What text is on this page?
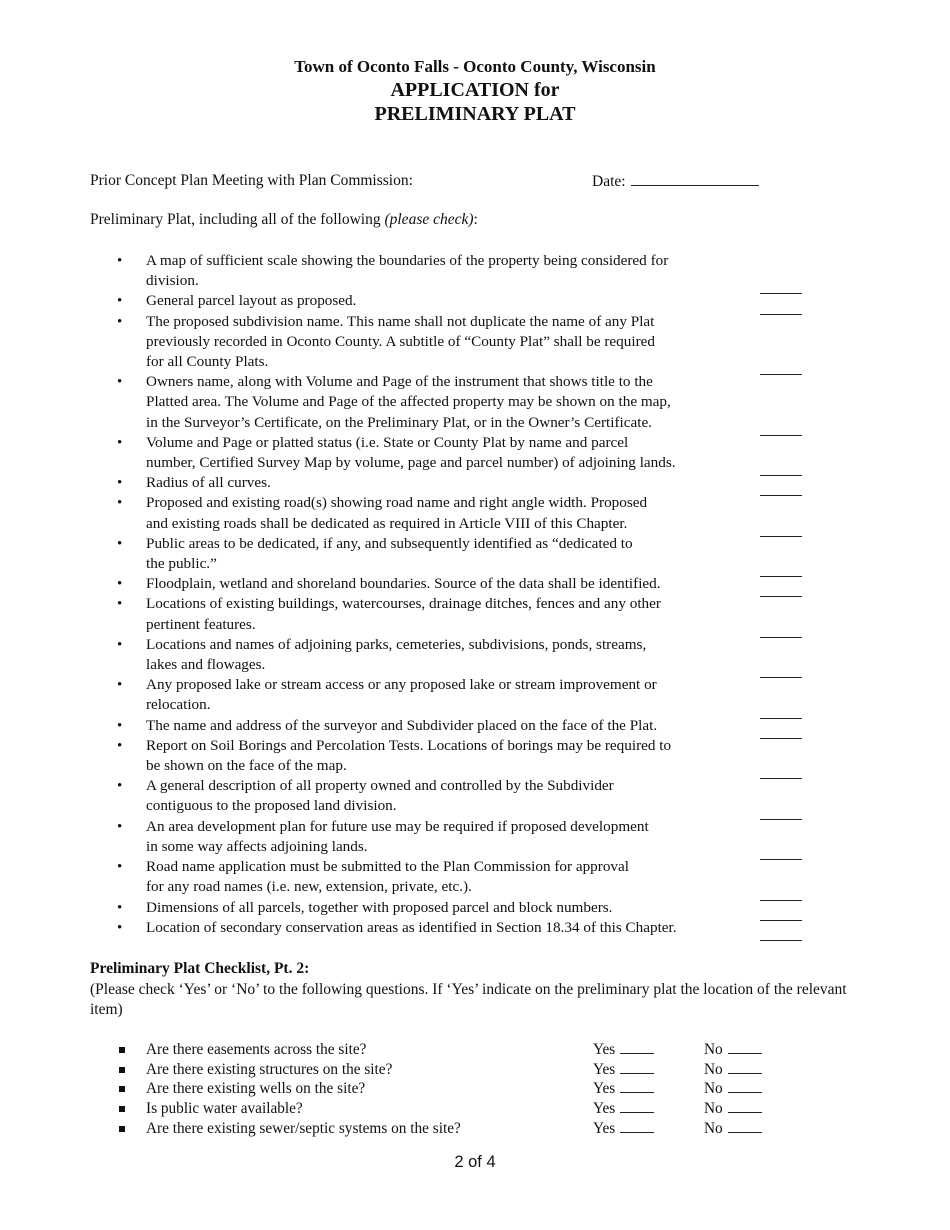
Town of Oconto Falls - Oconto County, Wisconsin
APPLICATION for
PRELIMINARY PLAT
Prior Concept Plan Meeting with Plan Commission:	Date:
Preliminary Plat, including all of the following (please check):
• A map of sufficient scale showing the boundaries of the property being considered for
division.
• General parcel layout as proposed.
• The proposed subdivision name. This name shall not duplicate the name of any Plat
previously recorded in Oconto County. A subtitle of “County Plat” shall be required
for all County Plats.
• Owners name, along with Volume and Page of the instrument that shows title to the
Platted area. The Volume and Page of the affected property may be shown on the map,
in the Surveyor’s Certificate, on the Preliminary Plat, or in the Owner’s Certificate.
• Volume and Page or platted status (i.e. State or County Plat by name and parcel
number, Certified Survey Map by volume, page and parcel number) of adjoining lands.
• Radius of all curves.
• Proposed and existing road(s) showing road name and right angle width. Proposed
and existing roads shall be dedicated as required in Article VIII of this Chapter.
• Public areas to be dedicated, if any, and subsequently identified as “dedicated to
the public.”
• Floodplain, wetland and shoreland boundaries. Source of the data shall be identified.
• Locations of existing buildings, watercourses, drainage ditches, fences and any other
pertinent features.
• Locations and names of adjoining parks, cemeteries, subdivisions, ponds, streams,
lakes and flowages.
• Any proposed lake or stream access or any proposed lake or stream improvement or
relocation.
• The name and address of the surveyor and Subdivider placed on the face of the Plat.
• Report on Soil Borings and Percolation Tests. Locations of borings may be required to
be shown on the face of the map.
• A general description of all property owned and controlled by the Subdivider
contiguous to the proposed land division.
• An area development plan for future use may be required if proposed development
in some way affects adjoining lands.
• Road name application must be submitted to the Plan Commission for approval
for any road names (i.e. new, extension, private, etc.).
• Dimensions of all parcels, together with proposed parcel and block numbers.
• Location of secondary conservation areas as identified in Section 18.34 of this Chapter.
Preliminary Plat Checklist, Pt. 2:
(Please check ‘Yes’ or ‘No’ to the following questions. If ‘Yes’ indicate on the preliminary plat the location of the relevant item)
Are there easements across the site?	Yes	No
Are there existing structures on the site?	Yes	No
Are there existing wells on the site?	Yes	No
Is public water available?	Yes	No
Are there existing sewer/septic systems on the site?	Yes	No
2 of 4
